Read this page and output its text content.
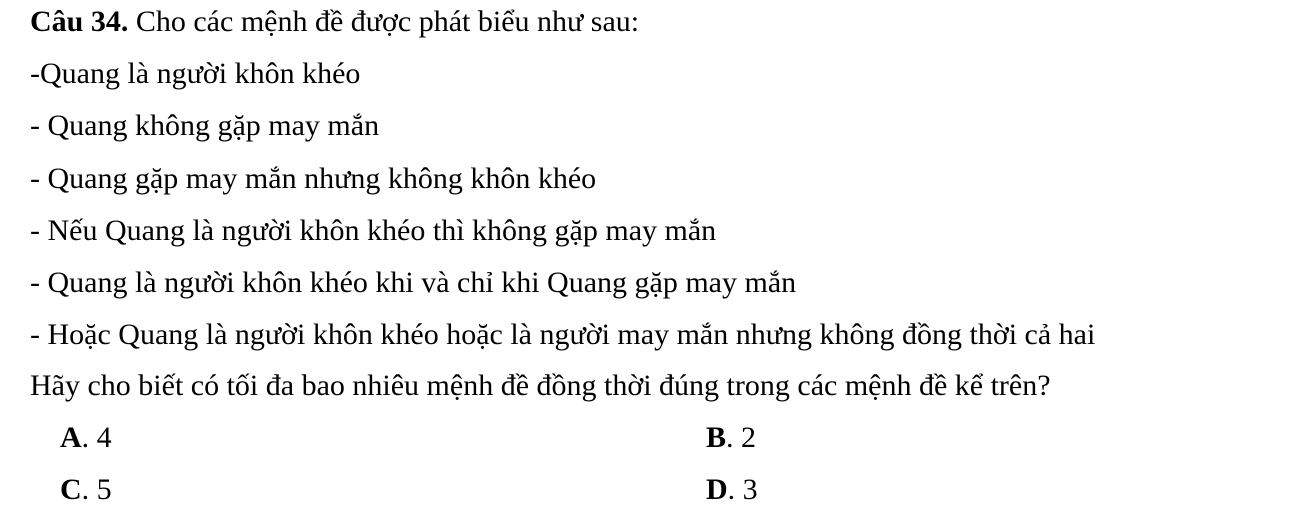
Câu 34. Cho các mệnh đề được phát biểu như sau:
-Quang là người khôn khéo
- Quang không gặp may mắn
- Quang gặp may mắn nhưng không khôn khéo
- Nếu Quang là người khôn khéo thì không gặp may mắn
- Quang là người khôn khéo khi và chỉ khi Quang gặp may mắn
- Hoặc Quang là người khôn khéo hoặc là người may mắn nhưng không đồng thời cả hai
Hãy cho biết có tối đa bao nhiêu mệnh đề đồng thời đúng trong các mệnh đề kể trên?
A. 4	B. 2
C. 5	D. 3
